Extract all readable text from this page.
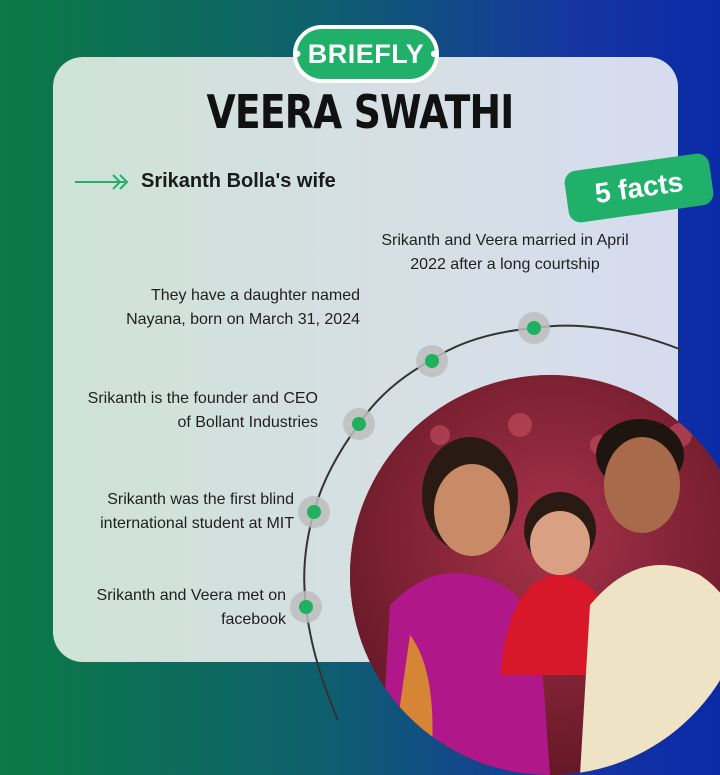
• BRIEFLY •
VEERA SWATHI
Srikanth Bolla's wife	5 facts
Srikanth and Veera married in April 2022 after a long courtship
They have a daughter named Nayana, born on March 31, 2024
Srikanth is the founder and CEO of Bollant Industries
Srikanth was the first blind international student at MIT
Srikanth and Veera met on facebook
